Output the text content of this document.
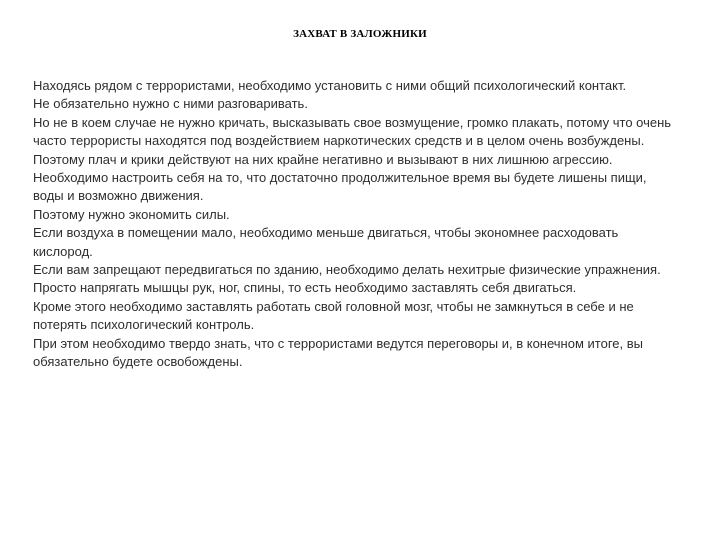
ЗАХВАТ В ЗАЛОЖНИКИ

Находясь рядом с террористами, необходимо установить с ними общий психологический контакт.

Не обязательно нужно с ними разговаривать.

Но не в коем случае не нужно кричать, высказывать свое возмущение, громко плакать, потому что очень часто террористы находятся под воздействием наркотических средств и в целом очень возбуждены.

Поэтому плач и крики действуют на них крайне негативно и вызывают в них лишнюю агрессию.

Необходимо настроить себя на то, что достаточно продолжительное время вы будете лишены пищи, воды и возможно движения.

Поэтому нужно экономить силы.

Если воздуха в помещении мало, необходимо меньше двигаться, чтобы экономнее расходовать кислород.

Если вам запрещают передвигаться по зданию, необходимо делать нехитрые физические упражнения. Просто напрягать мышцы рук, ног, спины, то есть необходимо заставлять себя двигаться.

Кроме этого необходимо заставлять работать свой головной мозг, чтобы не замкнуться в себе и не потерять психологический контроль.

При этом необходимо твердо знать, что с террористами ведутся переговоры и, в конечном итоге, вы обязательно будете освобождены.
